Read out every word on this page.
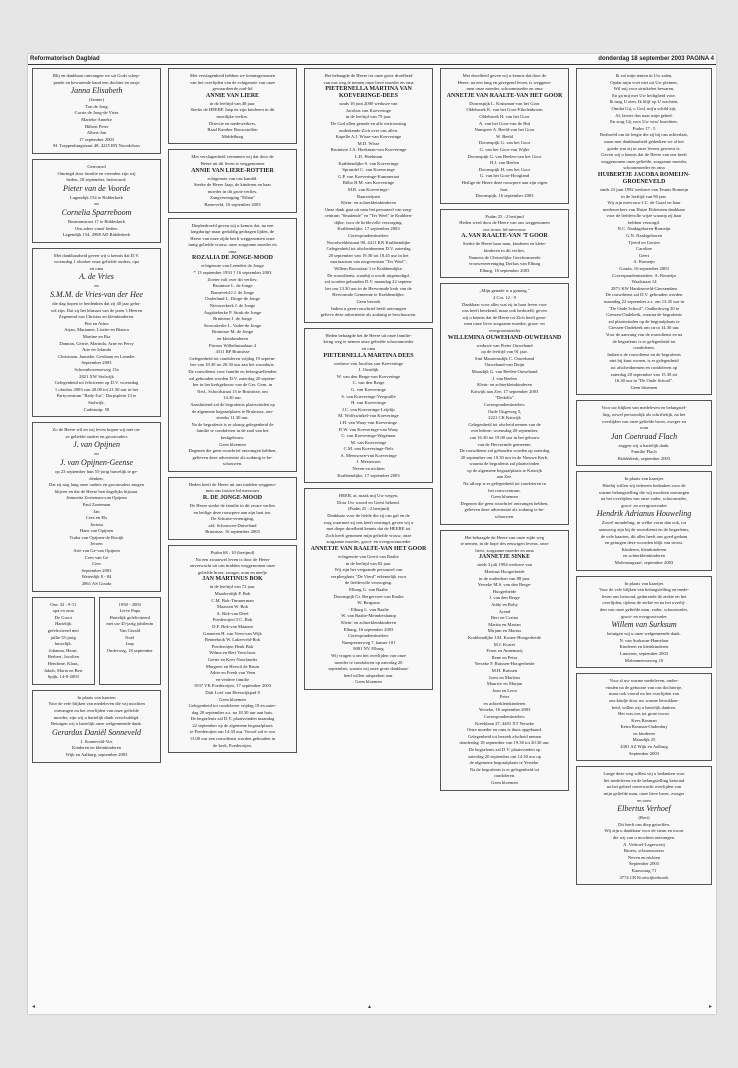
Reformatorisch Dagblad	donderdag 18 september 2003 PAGINA 4

Blij en dankbaar ontvangen we uit Gods schep-

pende en bewarende hand een dochter en zusje

Janna Elisabeth

(Janine)

Ton de Jong

Corrie de Jong-de Vries

Marieke Anneke

Hilbert Peter

Albert-Jan

17 september 2003

M. Trappenburgstraat 48, 4225 RN Noordeloos

Getrouwd

Omringd door familie en vrienden zijn wij

heden, 18 september, hertrouwd.

Pieter van de Voorde

Lagendijk 154 te Ridderkerk

en

Cornelia Sparreboom

Bosmanstraat 17 te Ridderkerk

Ons adres vanaf heden:

Lagendijk 154, 2988 AD Ridderkerk

Met dankbaarheid geven wij u kennis dat D.V.

woensdag 1 oktober onze geliefde ouders, opa

en oma

A. de Vries

en

S.M.M. de Vries-van der Hee

die dag hopen te herdenken dat zij 40 jaar gehu-

wd zijn. Dat zij het klimaat van de jaren 't Heeren

Zegenend van Christus en kleinkinderen.

Piet en Arina

Arjan, Marianne, Lisette en Bianca

Martine en Ria

Damian, Gerrie, Marinda, Arne en Perry

Arie en Jolanda

Christiaan, Janneke, Gerdiaan en Leander

September 2003

Schoonhovenseweg 13a

2821 XW Stolwijk

Gelegenheid tot feliciteren op D.V. woensdag

1 oktober 2003 van 20.00 tot 21.30 uur in het

Partycentrum "Bady-Jus", Dorpsplein 13 te

Stolwijk.

Cadeautip: 58

Zo de Heere wil en wij leven hopen wij met on-

ze geliefde ouders en grootouders

J. van Opijnen

en

J. van Opijnen-Geense

op 23 september hun 55-jarig huwelijk te ge-

denken.

Dat zij nog lang onze ouders en grootouders mogen

blijven en dat de Heere hen dagelijks bijstaat.

Jeannette Zoeteman-van Opijnen

Paul Zoeteman

Jan

Cees en Els

Jacinta

Hans van Opijnen

Truka van Opijnen-de Rooijk

Jeroen

Arie van Ge-van Opijnen

Cees van Ge

Cees

September 2003

Waterdijk 8 - 84

2861 AS Gouda

Ons. 32 : 9-11

opa en oma

De Groot

Hartelijk

gefeliciteerd met

jullie 55-jarig

huwelijk.

Johanna, Henri,

Herbert, Jacolien

Hendrine, Klaas,

Jakob, Maria en Bert

Spijk, 14-9-2003

1958 - 2003

Lieve Papa

Hartelijk gefeliciteerd

met uw 45-jarig jubileum

Van Gerald

Noel

Jaap

Onderweg, 18 september

In plaats van kaarten

Voor de vele blijken van medeleven die wij mochten

ontvangen na het overlijden van onze geliefde

moeder, zijn wij u hartelijk dank verschuldigd.

Betuigen wij u hartelijk onze welgemeende dank.

Gerardus Daniël Sonneveld

J. Sonneveld-Vos

Kinderen en kleinkinderen

Wijk en Aalburg, september 2003

Met verslagenheid hebben we kennisgenomen

van het overlijden van de echtgenote van onze

gewaardeerde oud-lid

ANNIE VAN LIERE

in de leeftijd van 48 jaar.

Sterke de HEERE Jaap en zijn kinderen in dit

moeilijke verlies.

Directie en medewerkers,

Raad Kamber Bouwstoffen

Middelburg

Met verslagenheid vernamen wij dat door de

Heere uit dit leven is weggenomen

ANNIE VAN LIERE-ROTTIER

echtgenote van ons kandid.

Sterke de Heere Jaap, de kinderen en haar

moeder in dit grote verlies.

Zangvereniging "Ethan"

Barneveld, 16 september 2003

Diepbedroefd geven wij u kennis dat, na een

langdurige maar geduldig gedragen lijden, de

Heere van onze zijde heeft weggenomen onze

innig geliefde vrouw, onze zorgzame moeder en

oma

ROZALIA DE JONGE-MOOD

echtgenote van Leendert de Jonge

* 13 september 1933 † 16 september 2003

Zoeter valt over dit verlies:

Bruinisse L. de Jonge

Barneveld J.J. de Jonge

Ouderland L. Droge-de Jonge

Nieuwerkerk J. de Jonge

Augsbekerke P. Struk-de Jonge

Bruinisse J. de Jonge

Serooskerke L. Vader-de Jonge

Bruinisse M. de Jonge

en kleinkinderen

Prinses Wilhelminalaan 4

4311 BP Bruinisse

Gelegenheid tot condoleren vrijdag 19 septem-

ber van 18.30 tot 20.30 uur aan het woonhuis.

De rouwdienst voor familie en belangstellenden

zal gehouden worden D.V. zaterdag 20 septem-

ber in het kerkgebouw van de Ger. Gem. in

Ned., Schoolstraat 13 te Bruinisse, om

14.30 uur.

Aansluitend zal de begrafenis plaatsvinden op

de algemene begraafplaats te Bruinisse, om-

streeks 11.30 uur.

Na de begrafenis is er alsnog gelegenheid de

familie te condoleren in de zaal van het

kerkgebouw.

Geen bloemen

Degenen die geen rouwbrief ontvangen hebben,

gelieven deze advertentie als zodanig te be-

schouwen.

Heden heeft de Heere uit ons midden weggeno-

men ons trouwe lid mevrouw

R. DE JONGE-MOOD

De Heere sterke de familie in dit zware verlies

en heilige deze rouwpere aan zijn hart toe.

De Schutse-vereniging,

afd. Schouwen-Duiveland

Bruinisse, 16 september 2003

Psalm 68 : 10 (berijmd)

Na een zwaarwel leven is door de Heere

onverwacht uit ons midden weggenomen onze

geliefde broer, zwager, oom en neefje

JAN MARTINUS BOK

in de leeftijd van 72 jaar.

Maarkerdijk P. Bok

C.M. Bok-Timmerman

Maassen W. Bok

A. Bok-van Driel

Poederoijen T.C. Bok

D.F. Bok-van Maanen

Gameren H. van Veen-van Wijk

Bennebrok W. Lakerveld-Bok

Poederoijen Henk Bok

Wilma en Bert Verschoor

Gerrie en Kees Noorlander

Margreet en Herwil de Bruin

Adrie en Freek van Veen

en verdere familie

1937 VK Poederoijen, 17 september 2003

Dirk Loef van Heeswijkpad 8

Geen bloemen

Gelegenheid tot condoleren vrijdag 19 en zater-

dag 20 september a.s. na 18.30 uur aan huis.

De begrafenis zal D.V. plaatsvinden maandag

22 september op de algemene begraafplaats

te Poederoijen om 14.30 uur. Vooraf zal er om

13.00 uur een rouwdienst worden gehouden in

de kerk, Poederoijen.

Het behaagde de Heere tot onze grote droefheid

van ons weg te nemen onze lieve moeder en oma

PIETERNELLA MARTINA VAN KOEVERINGE-DEES

sinds 16 juni 2000 weduwe van

Jacobus van Koeveringe

in de leeftijd van 79 jaar.

De God allen genade en alle vertroosting

onderkende Zich over ons allen.

Kapelle A.J. Wisse-van Koeveringe

M.D. Wisse

Bruinisse J.A. Hoekman-van Koeveringe

L.D. Hoekman

Krabbendijke S. van Koeveringe

Sprundel C. van Koeveringe

G.P. van Koeveringe-Kammeraat

Bilbo H.M. van Koeveringe

M.R. van Koeveringe-

Baarsteijnen

Klein- en achterkleinkinderen

Onze dank gaat uit naar het personeel van zorg-

centrum "Smalende" en "Ter Weel" te Krabben-

dijke, voor de liefdevolle verzorging.

Krabbendijke, 17 september 2003

Correspondentieadres:

Noordweldestraat 90, 4411 KN Krabbendijke

Gelegenheid tot afscheidnemen D.V. zaterdag

20 september van 19.30 tot 18.45 uur in het

mortuarium van zorgcentrum "Ter Weel",

Willem Rootstraat 1 te Krabbendijke.

De rouwdienst, waarbij u wordt uitgenodigd,

zal worden gehouden D.V. maandag 22 septem-

ber om 13.30 uur in de Hervormde kerk van de

Hervormde Gemeente te Krabbendijke.

Geen bezoek

Indien u geen rouwbrief heeft ontvangen

gelieve deze advertentie als zodanig te beschouwen.

Heden behaagde het de Heere uit onze familie-

kring weg te nemen onze geliefde schoonmoeder

en oma

PIETERNELLA MARTINA DEES

weduwe van Jacobus van Koeveringe

J. Oostdijk

W. van den Berge-van Koeveringe

C. van den Berge

G. van Koeveringe

S. van Koeveringe-Verspuille

H. van Koeveringe

J.C. van Koeveringe-Leijdijs

M. Wolfswinkel-van Koeveringe

I.H. van Waay-van Koeveringe

D.W. van Koeveringe-van Waay

C. van Koeveringe-Wagenaar

M. van Koeveringe

C.M. van Koeveringe-Nels

A. Meeuwsen-van Koeveringe

J. Meeuwsen

Neven en nichten

Krabbendijke, 17 september 2003

HEER, ai, maak mij Uw wegen,

Door Uw woord en Geest bekend.

(Psalm 25 : 2 berijmd)

Dankbaar voor de liefde die zij ons gaf en de

zorg waarmee zij ons heeft omringd, geven wij u

met diepe droefheid kennis dat de HEERE tot

Zich heeft genomen mijn geliefde vrouw, onze

zorgzame moeder, groot- en overgrootmoeder

ANNETJE VAN RAALTE-VAN HET GOOR

echtgenote van Gerrit van Raalte

in de leeftijd van 82 jaar.

Wij zijn het vergaande personeel van

verpleeghuis "De Vierd" erkentelijk voor

de liefdevolle verzorging.

Elburg G. van Raalte

Doornspijk Gi. Bergervoet-van Raalte

W. Bergsma

- Elburg L. van Raalte

W. van Raalte-Meindershamp

Klein- en achterkleinkinderen

Elburg, 16 september 2003

Correspondentieadres:

Nunspeeterweg 7, kamer 101

8081 NV Elburg

Wij vragen u om het overlijden van onze

moeder te condoleren op zaterdag 20

september, waarin wij onze grote dankbaar-

heid willen uitspreken aan.

Geen bloemen

Met droefheid geven wij u kennis dat door de

Heere, na een lang en gezegend leven, is weggeno-

men onze moeder, schoonmoeder en oma

ANNETJE VAN RAALTE-VAN HET GOOR

Doornspijk L. Kruisman-van het Goor

Oldebroek K. van het Goor-Eikelenboom

Oldebroek H. van het Goor

A. van het Goor-van de Hul

Nunspeet A. Beeld-van het Goor

W. Beeld

Doornspijk G. van het Goor

G. van het Goor-van Wijhe

Doornspijk G. van Beelen-van het Goor

H.J. van Beelen

Doornspijk H. van het Goor

G. van het Goor-Hoogland

Heilige de Heere deze rouwpere aan zijn eigen

hart.

Doornspijk, 16 september 2003

Psalm 25 : 2 berijmd

Heden werd door de Heere van ons weggenomen

ons trouw lid mevrouw

A. VAN RAALTE-VAN 'T GOOR

Sterke de Heere haar man, kinderen en klein-

kinderen in dit verlies.

Namens de Christelijke Gereformeerde

vrouwenvereniging Dorkas van Elburg

Elburg, 16 september 2003

„Mijn genade is u genoeg."

2 Cor. 12 : 9

Dankbaar voor alles wat zij in haar leven voor

ons heeft betekend, maar ook bedroefd, geven

wij u kennis dat de Heere tot Zich heeft geno-

men onze lieve zorgzame moeder, groot- en

overgrootmoeder

WILLEMINA OUWEHAND-OUWEHAND

weduwe van Pieter Ouwehand

op de leeftijd van 91 jaar.

Sint Maartensdijk C. Ouwehand

Ouwehand-van Duijn

Maasdijk G. van Beelen-Ouwehand

J. van Beelen

Klein- en achterkleinkinderen

Katwijk aan Zee, 17 september 2003

"Dedolfo"

Correspondentieadres:

Oude Uitgeweg 5,

2221 CK Katwijk

Gelegenheid tot afscheid nemen van de

overledene: woensdag 20 september,

van 16.30 tot 19.00 uur in het gebouw

van de Hervormde gemeente.

De rouwdienst zal gehouden worden op zaterdag

20 september om 10.30 uur in de Nieuwe Kerk,

waarna de begrafenis zal plaatsvinden

op de algemene begraafplaats te Katwijk

aan Zee.

Na afloop is er gelegenheid tot condoleren in

het rouwcentrum.

Geen bloemen

Degenen die geen rouwbrief ontvangen hebben,

gelieven deze advertentie als zodanig te be-

schouwen.

Het behaagde de Heere van onze zijde weg

te nemen, in de hope des eeuwigen levens, onze

lieve, zorgzame moeder en oma

JANNETJE SINKE

sinds 3 juli 1994 weduwe van

Marinus Hoogerheide

in de ouderdom van 88 jaar.

Yerseke M.S. van den Berge-

Hoogerheide

J. van den Berge

Addy en Roby

Arend

Bert en Corina

Martin en Marian

Mirjam en Marius

Krabbendijke J.M. Koster-Hoogerheide

M.J. Koster

Frans en Annemarij

Rene en Petra

Yerseke F. Ruissen-Hoogerheide

M.H. Ruissen

Joost en Marlous

Maurice en Marjan

Joan en Leon

Peter

en achterkleinkinderen

Yerseke, 16 september 2003

Correspondentieadres:

Kreeklaan 27, 4401 XT Yerseke

Onze moeder en oma is thuis opgebaard.

Gelegenheid tot bezoek afscheid nemen

donderdag 18 september van 19.30 tot 20.30 uur.

De begrafenis zal D.V. plaatsvinden op

zaterdag 20 september om 14.30 uur op

de algemene begraafplaats te Yerseke.

Na de begrafenis is er gelegenheid tot

condoleren.

Geen bloemen

Ik zal mijn tenten in Uw zalen,

Opdat mijn voet niet uit Uw pleinen;

Wil mij voor struikelen bewaren,

En ga mij met Uw heiligheid voor.

Ik mag U zien, Ik blijf op U wachten,

Omdat Gij, o God, mij'n schild zijt,

Al, laister dus naar mijn gebed.

En zorg Gij voor Uw wiss' knechten.

Psalm 17 : 5

Bedroefd om de leegte die zij bij ons achterlaat,

maar met dankbaarheid gedenken we al het

goede wat zij in onze levens geweest is.

Geven wij u kennis dat de Heere van ons heeft

weggenomen onze geliefde, zorgzame moeder,

schoonmoeder en oma

HUIBERTJE JACOBA ROMEIJN-GROENEVELD

sinds 23 juni 1992 weduwe van Teunis Romeijn

in de leeftijd van 90 jaar.

Wij zijn mevrouw J.C. de Graaf en haar

medewerkers van Huize Eldrenzen dankbaar

voor de liefdevolle wijze waarop zij haar

hebben verzorgd.

N.C. Naaktgeboren-Romeijn

G.N. Naaktgeboren

Tjeerd en Gerriet

Caroline

Geert

A. Romeijn

Gouda, 16 september 2003

Correspondentieadres: A. Romeijn

Waalstraat 14

2871 KW Hardinxveld-Giessendam

De rouwdienst zal D.V. gehouden worden

maandag 22 september a.s. om 13.45 uur in

"De Oude School", Oudkerkweg 20 te

Giessen-Oudekerk, waarna de begrafenis

zal plaatsvinden op de begraafplaats te

Giessen-Oudekerk om circa 14.30 uur.

Voor de aanvang van de rouwdienst en na

de begrafenis is er gelegenheid tot

condoleren.

Indien u de rouwdienst en de begrafenis

niet bij kunt wonen, is er gelegenheid

tot afscheidnemen en condoleren op

zaterdag 20 september van 15.30 tot

16.30 uur in "De Oude School".

Geen bloemen

Voor uw blijken van medeleven en belangstel-

ling, zowel persoonlijk als schriftelijk, na het

overlijden van onze geliefde broer, zwager en

oom

Jan Coenraad Flach

zeggen wij u hartelijk dank.

Familie Flach

Ridderkerk, september 2003

In plaats van kaartjes

Hierbij willen wij iedereen bedanken voor de

warme belangstelling die wij mochten ontvangen

na het overlijden van onze vader, schoonvader,

groot- en overgrootvader

Hendrik Adrianus Houweling

Zowel mondeling, in welke vorm dan ook, tot

aanwezig zijn bij de rouwdienst en de begrafenis,

de vele kaarten, dit alles heeft ons goed gedaan

en getuigen deze woorden blijk van troost.

Kinderen, kleinkinderen

en achterkleinkinderen

Molenaargraaf, september 2003

In plaats van kaartjes

Voor de vele blijken van belangstelling en mede-

leven ons betoond, gedurende de ziekte en het

overlijden, tijdens de ziekte en na het overlij-

den van onze geliefde man, vader, schoonvader,

groot- en overgrootvader

Willem van Surksum

betuigen wij u onze welgemeende dank.

N. van Surksum-Hamelaar

Kinderen en kleinkinderen

Lunteren, september 2003

Molenmeerseweg 10

Voor al uw warme medeleven, onder-

vinden na de geboorte van ons dochtertje,

maar ook vooral na het overlijden van

ons kindje door uw warme betrokken-

heid, willen wij u hartelijk danken.

Het was ons tot grote troost.

Kees Bosman

Ketra Bosman-Oudenhuy

en kinderen

Maasdijk 25

4381 AZ Wijk en Aalburg

September 2003

Lange deze weg willen wij u bedanken voor

het medeleven en de belangstelling betoond

na het geheel onverwacht overlijden van

mijn geliefde man, onze lieve broer, zwager

en oom

Elbertus Verhoef

(Bert)

Dit heeft ons diep getroffen.

Wij zijn u dankbaar voor de steun en troost

die wij van u mochten ontvangen.

A. Verhoef-Lagerwerij

Broers, schoonzusters

Neven en nichten

September 2003

Kaaswaag 71

3774 CB Kootwijkerbroek

◂	▴	▸
